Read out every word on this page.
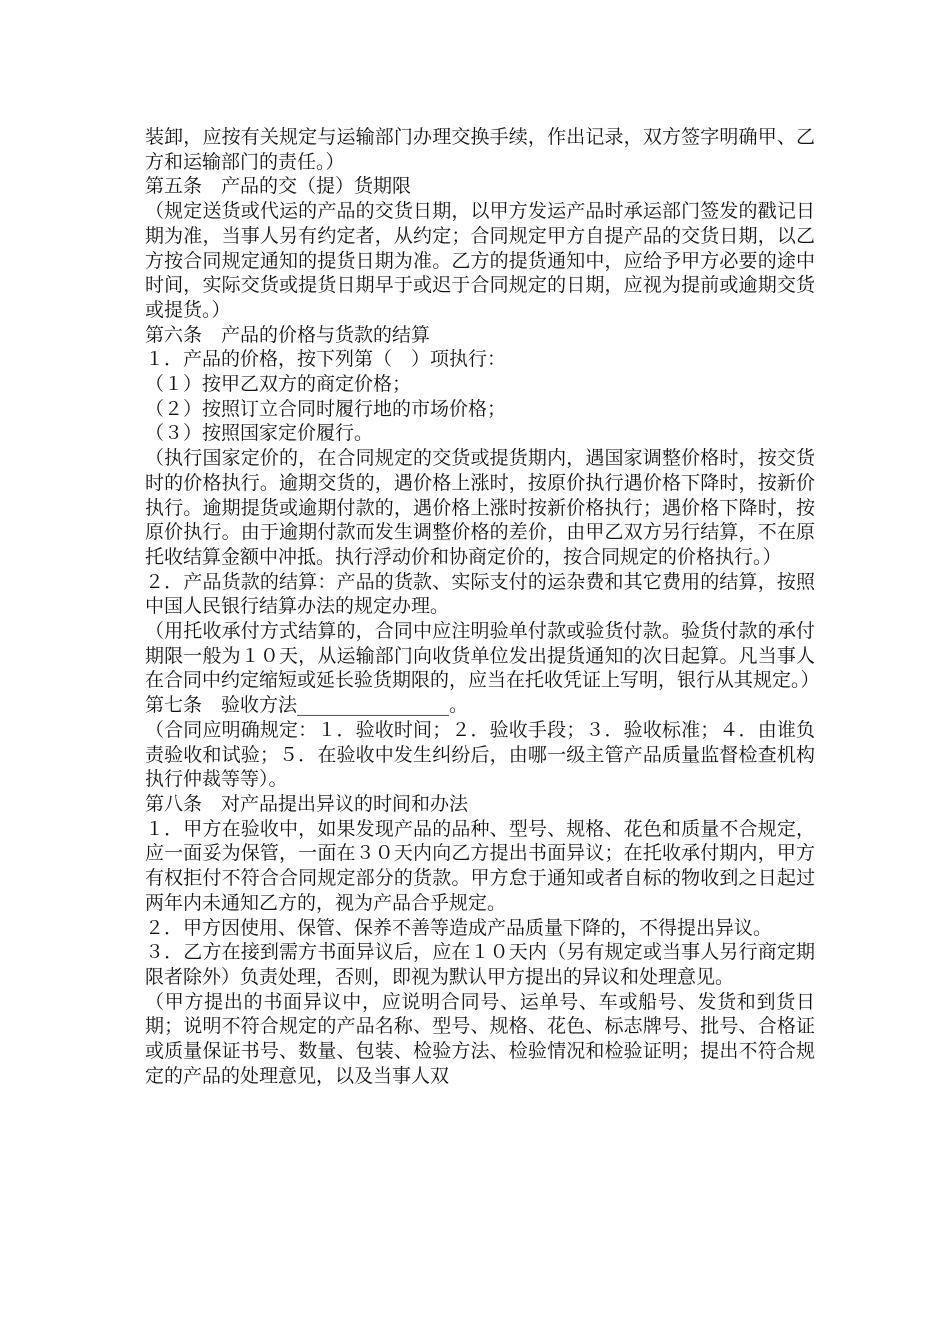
装卸，应按有关规定与运输部门办理交换手续，作出记录，双方签字明确甲、乙方和运输部门的责任。）

第五条　产品的交（提）货期限

（规定送货或代运的产品的交货日期，以甲方发运产品时承运部门签发的戳记日期为准，当事人另有约定者，从约定；合同规定甲方自提产品的交货日期，以乙方按合同规定通知的提货日期为准。乙方的提货通知中，应给予甲方必要的途中时间，实际交货或提货日期早于或迟于合同规定的日期，应视为提前或逾期交货或提货。）

第六条　产品的价格与货款的结算

１．产品的价格，按下列第（　）项执行：

（１）按甲乙双方的商定价格；

（２）按照订立合同时履行地的市场价格；

（３）按照国家定价履行。

（执行国家定价的，在合同规定的交货或提货期内，遇国家调整价格时，按交货时的价格执行。逾期交货的，遇价格上涨时，按原价执行遇价格下降时，按新价执行。逾期提货或逾期付款的，遇价格上涨时按新价格执行；遇价格下降时，按原价执行。由于逾期付款而发生调整价格的差价，由甲乙双方另行结算，不在原托收结算金额中冲抵。执行浮动价和协商定价的，按合同规定的价格执行。）

２．产品货款的结算：产品的货款、实际支付的运杂费和其它费用的结算，按照中国人民银行结算办法的规定办理。

（用托收承付方式结算的，合同中应注明验单付款或验货付款。验货付款的承付期限一般为１０天，从运输部门向收货单位发出提货通知的次日起算。凡当事人在合同中约定缩短或延长验货期限的，应当在托收凭证上写明，银行从其规定。）

第七条　验收方法________________。

（合同应明确规定：１．验收时间；２．验收手段；３．验收标准；４．由谁负责验收和试验；５．在验收中发生纠纷后，由哪一级主管产品质量监督检查机构执行仲裁等等）。

第八条　对产品提出异议的时间和办法

１．甲方在验收中，如果发现产品的品种、型号、规格、花色和质量不合规定，应一面妥为保管，一面在３０天内向乙方提出书面异议；在托收承付期内，甲方有权拒付不符合合同规定部分的货款。甲方怠于通知或者自标的物收到之日起过两年内未通知乙方的，视为产品合乎规定。

２．甲方因使用、保管、保养不善等造成产品质量下降的，不得提出异议。

３．乙方在接到需方书面异议后，应在１０天内（另有规定或当事人另行商定期限者除外）负责处理，否则，即视为默认甲方提出的异议和处理意见。

（甲方提出的书面异议中，应说明合同号、运单号、车或船号、发货和到货日期；说明不符合规定的产品名称、型号、规格、花色、标志牌号、批号、合格证或质量保证书号、数量、包装、检验方法、检验情况和检验证明；提出不符合规定的产品的处理意见，以及当事人双
